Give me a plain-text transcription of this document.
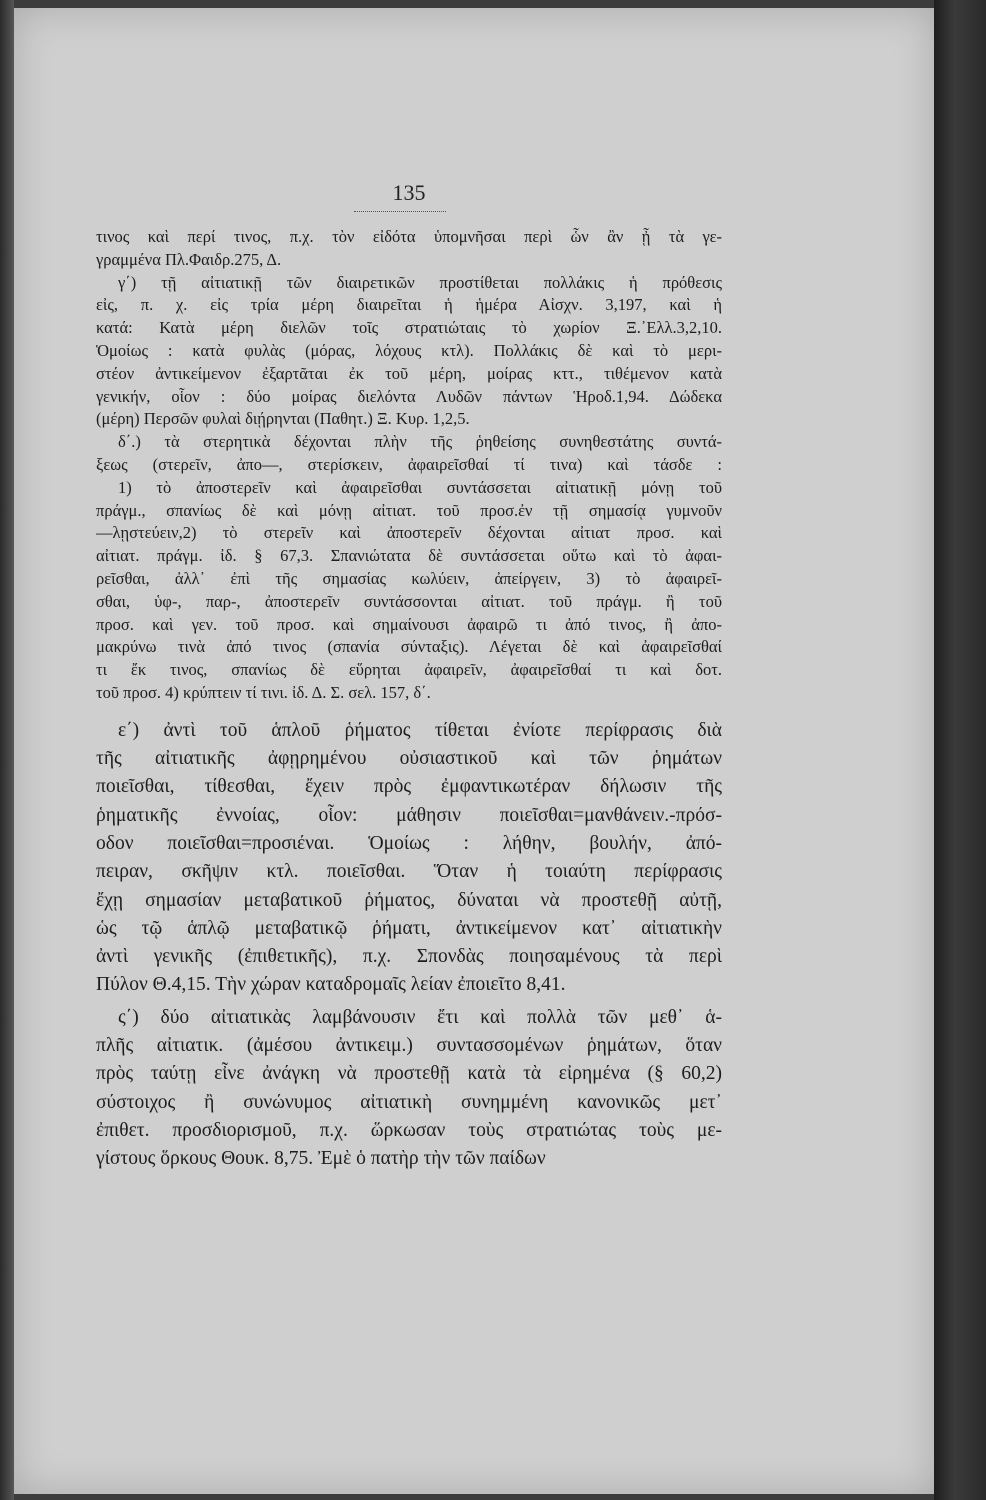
135
τινος καὶ περί τινος, π.χ. τὸν εἰδότα ὑπομνῆσαι περὶ ὧν ἂν ᾖ τὰ γε-
γραμμένα Πλ.Φαιδρ.275, Δ.
γ΄) τῇ αἰτιατικῇ τῶν διαιρετικῶν προστίθεται πολλάκις ἡ πρόθεσις
εἰς, π. χ. εἰς τρία μέρη διαιρεῖται ἡ ἡμέρα Αἰσχν. 3,197, καὶ ἡ
κατά: Κατὰ μέρη διελῶν τοῖς στρατιώταις τὸ χωρίον Ξ.᾽Ελλ.3,2,10.
Ὁμοίως : κατὰ φυλὰς (μόρας, λόχους κτλ). Πολλάκις δὲ καὶ τὸ μερι-
στέον ἀντικείμενον ἐξαρτᾶται ἐκ τοῦ μέρη, μοίρας κττ., τιθέμενον κατὰ
γενικήν, οἷον : δύο μοίρας διελόντα Λυδῶν πάντων Ἡροδ.1,94. Δώδεκα
(μέρη) Περσῶν φυλαὶ διῄρηνται (Παθητ.) Ξ. Κυρ. 1,2,5.
δ΄.) τὰ στερητικὰ δέχονται πλὴν τῆς ῥηθείσης συνηθεστάτης συντά-
ξεως (στερεῖν, ἀπο—, στερίσκειν, ἀφαιρεῖσθαί τί τινα) καὶ τάσδε :
1) τὸ ἀποστερεῖν καὶ ἀφαιρεῖσθαι συντάσσεται αἰτιατικῇ μόνῃ τοῦ
πράγμ., σπανίως δὲ καὶ μόνῃ αἰτιατ. τοῦ προσ.ἐν τῇ σημασίᾳ γυμνοῦν
—λῃστεύειν,2) τὸ στερεῖν καὶ ἀποστερεῖν δέχονται αἰτιατ προσ. καὶ
αἰτιατ. πράγμ. ἰδ. § 67,3. Σπανιώτατα δὲ συντάσσεται οὕτω καὶ τὸ ἀφαι-
ρεῖσθαι, ἀλλ᾽ ἐπὶ τῆς σημασίας κωλύειν, ἀπείργειν, 3) τὸ ἀφαιρεῖ-
σθαι, ὑφ-, παρ-, ἀποστερεῖν συντάσσονται αἰτιατ. τοῦ πράγμ. ἢ τοῦ
προσ. καὶ γεν. τοῦ προσ. καὶ σημαίνουσι ἀφαιρῶ τι ἀπό τινος, ἢ ἀπο-
μακρύνω τινὰ ἀπό τινος (σπανία σύνταξις). Λέγεται δὲ καὶ ἀφαιρεῖσθαί
τι ἔκ τινος, σπανίως δὲ εὕρηται ἀφαιρεῖν, ἀφαιρεῖσθαί τι καὶ δοτ.
τοῦ προσ. 4) κρύπτειν τί τινι. ἰδ. Δ. Σ. σελ. 157, δ΄.
ε΄) ἀντὶ τοῦ ἁπλοῦ ῥήματος τίθεται ἐνίοτε περίφρασις διὰ
τῆς αἰτιατικῆς ἀφῃρημένου οὐσιαστικοῦ καὶ τῶν ῥημάτων
ποιεῖσθαι, τίθεσθαι, ἔχειν πρὸς ἐμφαντικωτέραν δήλωσιν τῆς
ῥηματικῆς ἐννοίας, οἷον: μάθησιν ποιεῖσθαι=μανθάνειν.-πρόσ-
οδον ποιεῖσθαι=προσιέναι. Ὁμοίως : λήθην, βουλήν, ἀπό-
πειραν, σκῆψιν κτλ. ποιεῖσθαι. Ὅταν ἡ τοιαύτη περίφρασις
ἔχῃ σημασίαν μεταβατικοῦ ῥήματος, δύναται νὰ προστεθῇ αὐτῇ,
ὡς τῷ ἁπλῷ μεταβατικῷ ῥήματι, ἀντικείμενον κατ᾽ αἰτιατικὴν
ἀντὶ γενικῆς (ἐπιθετικῆς), π.χ. Σπονδὰς ποιησαμένους τὰ περὶ
Πύλον Θ.4,15. Τὴν χώραν καταδρομαῖς λείαν ἐποιεῖτο 8,41.
ς΄) δύο αἰτιατικὰς λαμβάνουσιν ἔτι καὶ πολλὰ τῶν μεθ᾽ ἁ-
πλῆς αἰτιατικ. (ἀμέσου ἀντικειμ.) συντασσομένων ῥημάτων, ὅταν
πρὸς ταύτῃ εἶνε ἀνάγκη νὰ προστεθῇ κατὰ τὰ εἰρημένα (§ 60,2)
σύστοιχος ἢ συνώνυμος αἰτιατικὴ συνημμένη κανονικῶς μετ᾽
ἐπιθετ. προσδιορισμοῦ, π.χ. ὥρκωσαν τοὺς στρατιώτας τοὺς με-
γίστους ὅρκους Θουκ. 8,75. Ἐμὲ ὁ πατὴρ τὴν τῶν παίδων
